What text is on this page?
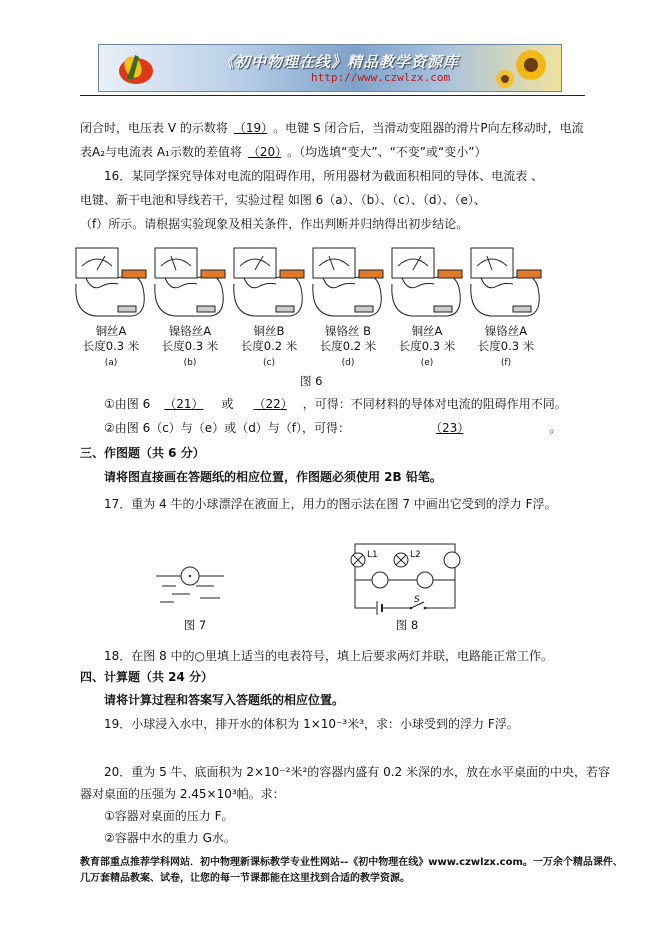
《初中物理在线》精品教学资源库
http://www.czwlzx.com
闭合时，电压表 V 的示数将 （19） 。电键 S 闭合后，当滑动变阻器的滑片P向左移动时，电流
表A₂与电流表 A₁示数的差值将 （20） 。（均选填“变大”、“不变”或“变小”）
16．某同学探究导体对电流的阻碍作用，所用器材为截面积相同的导体、电流表 、
电键、新干电池和导线若干，实验过程 如图 6（a）、（b）、（c）、（d）、（e）、
（f）所示。请根据实验现象及相关条件，作出判断并归纳得出初步结论。
铜丝A
长度0.3 米
(a)
镍铬丝A
长度0.3 米
(b)
铜丝B
长度0.2 米
(c)
镍铬丝 B
长度0.2 米
(d)
铜丝A
长度0.3 米
(e)
镍铬丝A
长度0.3 米
(f)
图 6
①由图 6 （21） 或 （22） ，可得：不同材料的导体对电流的阻碍作用不同。
②由图 6（c）与（e）或（d）与（f），可得：	（23）	。
三、作图题（共 6 分）
请将图直接画在答题纸的相应位置，作图题必须使用 2B 铅笔。
17．重为 4 牛的小球漂浮在液面上，用力的图示法在图 7 中画出它受到的浮力 F浮。
图 7
L1	L2
S
图 8
18．在图 8 中的○里填上适当的电表符号，填上后要求两灯并联，电路能正常工作。
四、计算题（共 24 分）
请将计算过程和答案写入答题纸的相应位置。
19．小球浸入水中，排开水的体积为 1×10⁻³米³，求：小球受到的浮力 F浮。
20．重为 5 牛、底面积为 2×10⁻²米²的容器内盛有 0.2 米深的水，放在水平桌面的中央，若容
器对桌面的压强为 2.45×10³帕。求：
①容器对桌面的压力 F。
②容器中水的重力 G水。
教育部重点推荐学科网站．初中物理新课标教学专业性网站--《初中物理在线》www.czwlzx.com。一万余个精品课件、
几万套精品教案、试卷，让您的每一节课都能在这里找到合适的教学资源。
